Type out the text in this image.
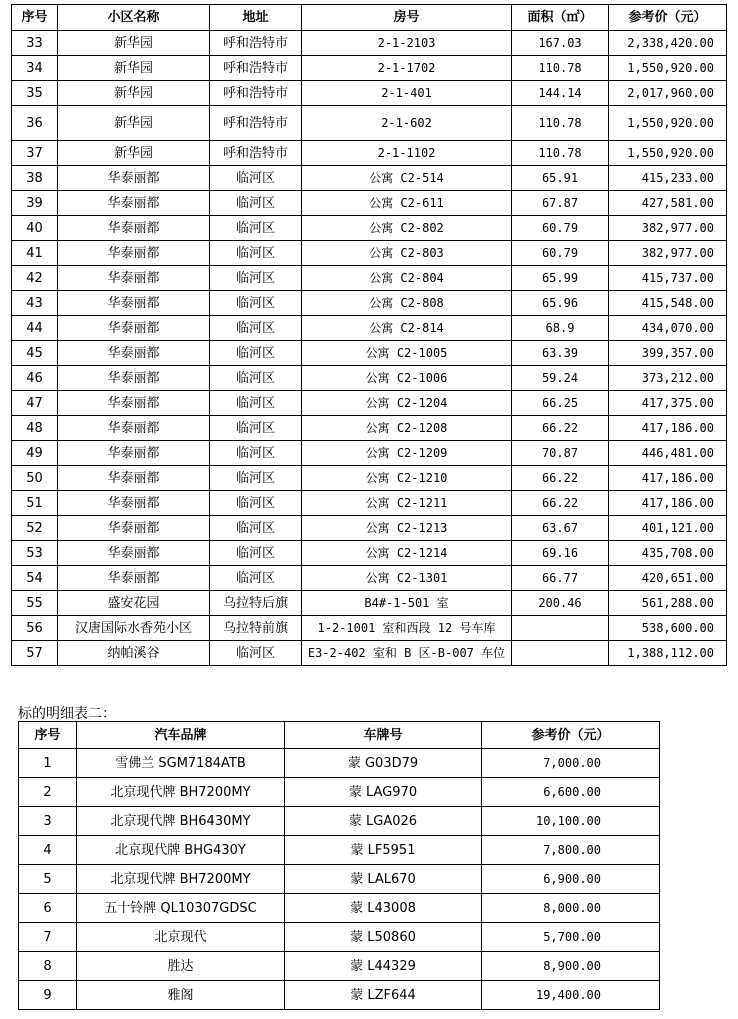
序号	小区名称	地址	房号	面积（㎡）	参考价（元）
33	新华园	呼和浩特市	2-1-2103	167.03	2,338,420.00
34	新华园	呼和浩特市	2-1-1702	110.78	1,550,920.00
35	新华园	呼和浩特市	2-1-401	144.14	2,017,960.00
36	新华园	呼和浩特市	2-1-602	110.78	1,550,920.00
37	新华园	呼和浩特市	2-1-1102	110.78	1,550,920.00
38	华泰丽都	临河区	公寓 C2-514	65.91	415,233.00
39	华泰丽都	临河区	公寓 C2-611	67.87	427,581.00
40	华泰丽都	临河区	公寓 C2-802	60.79	382,977.00
41	华泰丽都	临河区	公寓 C2-803	60.79	382,977.00
42	华泰丽都	临河区	公寓 C2-804	65.99	415,737.00
43	华泰丽都	临河区	公寓 C2-808	65.96	415,548.00
44	华泰丽都	临河区	公寓 C2-814	68.9	434,070.00
45	华泰丽都	临河区	公寓 C2-1005	63.39	399,357.00
46	华泰丽都	临河区	公寓 C2-1006	59.24	373,212.00
47	华泰丽都	临河区	公寓 C2-1204	66.25	417,375.00
48	华泰丽都	临河区	公寓 C2-1208	66.22	417,186.00
49	华泰丽都	临河区	公寓 C2-1209	70.87	446,481.00
50	华泰丽都	临河区	公寓 C2-1210	66.22	417,186.00
51	华泰丽都	临河区	公寓 C2-1211	66.22	417,186.00
52	华泰丽都	临河区	公寓 C2-1213	63.67	401,121.00
53	华泰丽都	临河区	公寓 C2-1214	69.16	435,708.00
54	华泰丽都	临河区	公寓 C2-1301	66.77	420,651.00
55	盛安花园	乌拉特后旗	B4#-1-501 室	200.46	561,288.00
56	汉唐国际水香苑小区	乌拉特前旗	1-2-1001 室和西段 12 号车库		538,600.00
57	纳帕溪谷	临河区	E3-2-402 室和 B 区-B-007 车位		1,388,112.00
标的明细表二：
序号	汽车品牌	车牌号	参考价（元）
1	雪佛兰 SGM7184ATB	蒙 G03D79	7,000.00
2	北京现代牌 BH7200MY	蒙 LAG970	6,600.00
3	北京现代牌 BH6430MY	蒙 LGA026	10,100.00
4	北京现代牌 BHG430Y	蒙 LF5951	7,800.00
5	北京现代牌 BH7200MY	蒙 LAL670	6,900.00
6	五十铃牌 QL10307GDSC	蒙 L43008	8,000.00
7	北京现代	蒙 L50860	5,700.00
8	胜达	蒙 L44329	8,900.00
9	雅阁	蒙 LZF644	19,400.00
